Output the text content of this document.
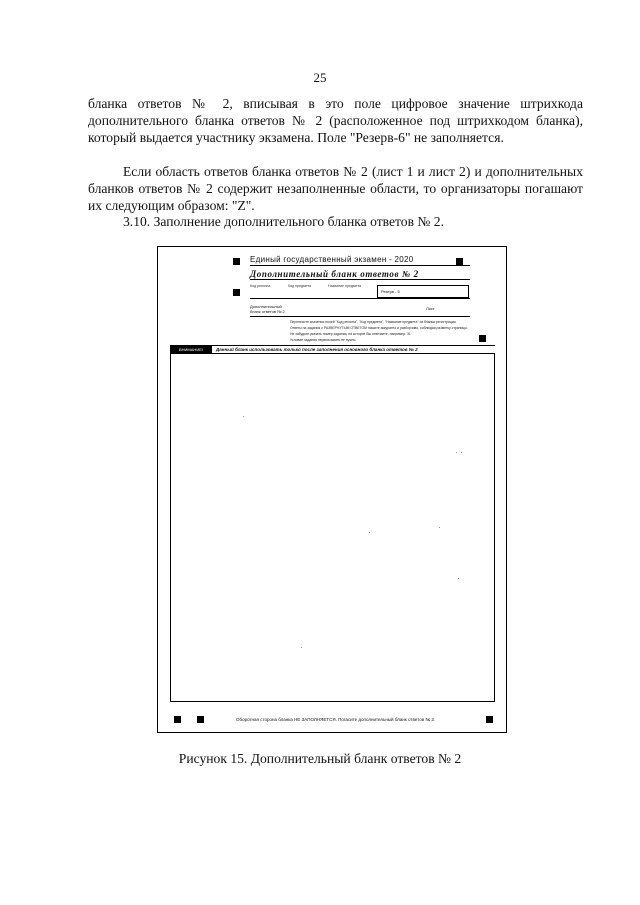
25

бланка ответов № 2, вписывая в это поле цифровое значение штрихкода дополнительного бланка ответов № 2 (расположенное под штрихкодом бланка), который выдается участнику экзамена. Поле "Резерв-6" не заполняется.

Если область ответов бланка ответов № 2 (лист 1 и лист 2) и дополнительных бланков ответов № 2 содержит незаполненные области, то организаторы погашают их следующим образом: "Z".

3.10. Заполнение дополнительного бланка ответов № 2.

Единый государственный экзамен - 2020
Дополнительный бланк ответов № 2
Код региона	Код предмета	Название предмета
Резерв - 5
Дополнительный бланк ответов № 2
Лист
Перенесите значения полей "Код региона", "Код предмета", "Название предмета" из бланка регистрации.
Ответы на задания с РАЗВЕРНУТЫМ ОТВЕТОМ пишите аккуратно и разборчиво, соблюдая разметку страницы.
Не забудьте указать номер задания, на которое Вы отвечаете, например: 31
Условие задания переписывать не нужно.
ВНИМАНИЕ!	Данный бланк использовать только после заполнения основного бланка ответов № 2
Оборотная сторона бланка НЕ ЗАПОЛНЯЕТСЯ. Погасите дополнительный бланк ответов № 2.
Рисунок 15. Дополнительный бланк ответов № 2
